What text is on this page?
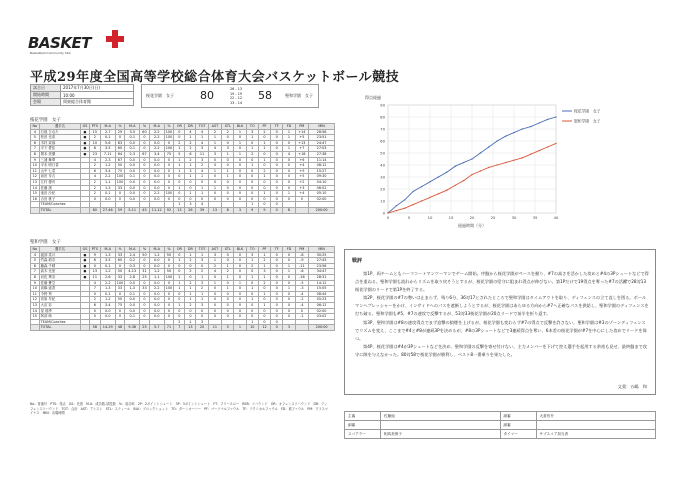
BASKET
Basketball Community Site
平成29年度全国高等学校総合体育大会バスケットボール競技
試合日	2017年7月30日(日)
開始時間	10:00
会場	岡東総合体育館
桜花学園　女子 80	26 - 13
19 - 19
22 - 12
13 - 14
58	聖和学園　女子
桜花学園　女子
No	選手名	GS	PTS	M-A	%	M-A	%	M-A	%	OR	DR	TOT	AST	STL	BLK	TO	PF	TF	FD	PM	MIN
4	石坂 ひなた	●	15	2-7	29	3-5	60	2-2	100	0	4	4	2	2	1	3	2	0	1	+14	28:56
5	松田 光希	●	2	0-1	0	0-1	0	2-2	100	0	1	1	1	0	0	1	0	0	1	+5	23:51
6	木村 栞那	●	10	5-6	83	0-0	0	0-0	0	2	2	4	1	0	1	0	1	0	0	+13	24:47
7	平下 愛佳	●	8	3-5	60	0-1	0	2-2	100	1	2	3	4	3	0	1	1	0	1	+7	27:03
8	岡本 美優	●	23	7-11	64	2-3	67	3-4	75	5	6	11	3	1	1	2	0	0	4	+18	27:38
9	三浦 舞華		4	2-3	67	0-0	0	0-0	0	1	2	3	0	0	0	0	1	0	0	+6	11:14
10	平末 明日香		2	1-2	50	0-0	0	0-0	0	1	1	2	0	0	0	1	0	0	0	+4	08:12
11	山中 七菜		6	3-4	75	0-0	0	0-0	0	1	3	4	1	1	0	0	2	0	0	+9	15:27
12	前田 芽衣		4	2-2	100	0-1	0	0-0	0	0	1	1	0	1	0	0	1	0	0	+5	09:30
13	江村 優有		2	1-1	100	0-0	0	0-0	0	0	0	0	0	0	0	0	0	0	0	+2	04:10
14	佐藤 凛		2	1-3	33	0-0	0	0-0	0	1	0	1	1	0	0	0	0	0	0	+3	06:02
15	池田 沙紀		2	0-1	0	0-0	0	2-2	100	0	1	1	0	0	0	0	1	0	1	+4	05:10
16	吉田 桃子		0	0-0	0	0-0	0	0-0	0	0	0	0	0	0	0	0	0	0	0	0	02:00
	TEAM/Coaches									1	3	4				1	0	0			
	TOTAL		80	27-46	59	5-11	45	11-12	92	13	26	39	13	8	3	9	9	0	8		200:00
聖和学園　女子
No	選手名	GS	PTS	M-A	%	M-A	%	M-A	%	OR	DR	TOT	AST	STL	BLK	TO	PF	TF	FD	PM	MIN
4	渡部 菜月	●	9	1-3	33	2-4	50	1-2	50	0	1	1	3	0	0	3	1	0	0	-8	30:25
5	竹森 莉奈	●	6	3-5	60	0-2	0	0-0	0	1	2	3	1	0	0	1	2	0	0	-9	27:43
6	藤森 千晴	●	0	0-1	0	0-3	0	0-0	0	0	0	0	2	1	0	2	1	0	1	-11	23:56
7	高木 光里	●	13	1-2	50	4-13	31	1-2	50	0	2	2	4	2	0	0	3	0	1	-6	34:47
8	岩佐 華奈	●	11	2-6	33	2-8	25	1-1	100	1	0	1	0	1	0	1	1	0	0	-16	28:31
9	佐藤 蒼空		4	2-2	100	0-0	0	0-0	0	1	2	3	1	0	1	0	2	0	0	-5	14:12
10	高橋 遥香		7	1-3	33	1-3	33	2-2	100	1	1	2	0	1	0	1	0	0	1	-3	15:05
11	今野 葵		0	0-1	0	0-1	0	0-0	0	0	1	1	0	0	0	0	1	0	0	-4	08:44
12	菅原 早紀		2	1-2	50	0-0	0	0-0	0	0	1	1	0	0	0	1	0	0	0	-2	05:23
13	大沼 彩		6	3-4	75	0-0	0	0-0	0	1	2	3	0	0	0	0	1	0	0	-4	06:12
14	星 瑞季		0	0-0	0	0-0	0	0-0	0	0	0	0	0	0	0	0	0	0	0	0	02:00
15	阿部 萌		0	0-0	0	0-1	0	0-0	0	0	0	0	0	0	0	0	0	0	0	-1	03:02
	TEAM/Coaches									2	1	3				1	0	0			
	TOTAL		58	14-29	48	9-36	25	5-7	71	7	13	20	11	5	1	10	12	0	3		200:00
No：背番号　PTS：得点　GS：先発　M-A：成功数-試投数　%：成功率　2P：2ポイントシュート　3P：3ポイントシュート　FT：フリースロー　REB：リバウンド　OR：オフェンスリバウンド　DR：ディフェンスリバウンド　TOT：合計　AST：アシスト　STL：スティール　BLK：ブロックショット　TO：ターンオーバー　PF：パーソナルファウル　TF：テクニカルファウル　FD：被ファウル　PM：プラスマイナス　MIN：出場時間
得点経過
0
10
20
30
40
50
60
70
80
90
0	5	10	15	20	25	30	35	40
経過時間（分）
桜花学園　女子
聖和学園　女子
戦評

第1P、両チームともハーフコートマンツーマンでゲーム開始。序盤から桜花学園がペースを握り、#7の高さを活かした攻めと#4の3Pシュートなどで得点を重ねる。聖和学園も流れからリズムを取り戻そうとするが、桜花学園の堅守に阻まれ得点が伸びない。第1Pだけで19得点を奪った#7の活躍で28対13桜花学園のリードで第1Pを終了する。

第2P、桜花学園の#7の勢いは止まらず、残り6分、36対17とされたところで聖和学園はタイムアウトを取り、ディフェンスの立て直しを図る。ボールマンへプレッシャーをかけ、インサイドへのパスを遮断しようとするが、桜花学園はあらゆる方向から#7へ正確なパスを供給し、聖和学園のディフェンスを打ち破る。聖和学園も#5、#7の速攻で反撃するが、53対33桜花学園が20点リードで前半を折り返す。

第3P、聖和学園は#8の速攻得点でまず追撃の狼煙を上げるが、桜花学園も変わらず#7の得点で反撃を許さない。聖和学園は#3のゾーンディフェンスでリズムを変え、ここまで#4と#8が連続3Pを決めるが、#8の3Pシュートなどで3連続得点を奪い、6本差の桜花学園が#7を中心にした攻めでリードを保つ。

第4P、桜花学園は#4が3Pシュートなどを決め、聖和学園の反撃を寄せ付けない。主力メンバーを下げて控え選手を起用する余裕も見せ、最終盤まで攻守に隙を与えなかった。80対58で桜花学園が勝利し、ベスト8一番乗りを果たした。

文責：五嶋　和
主審	佐藤純	副審	大倉有介
副審		副審	
スコアラー	相馬美保子	タイマー	サブスコア担当者
